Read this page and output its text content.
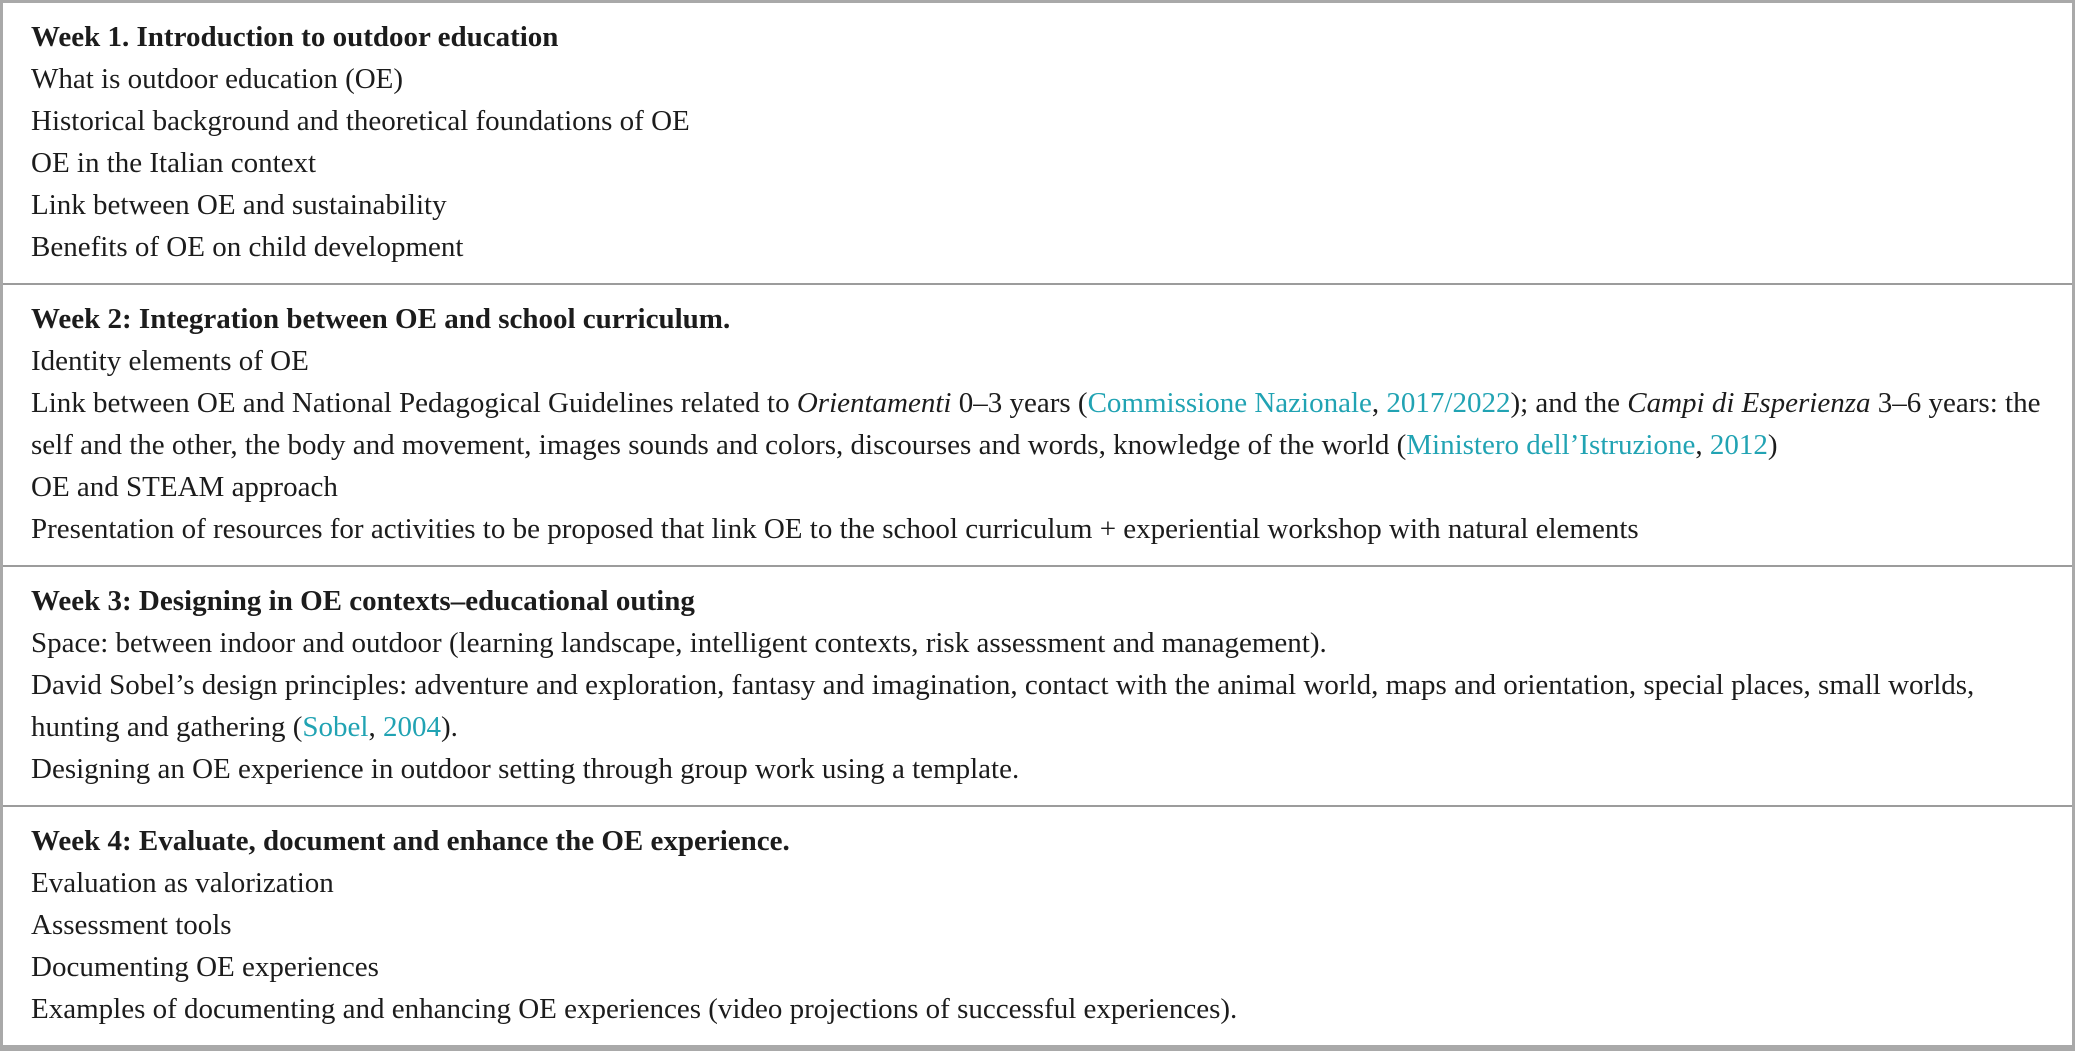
Week 1. Introduction to outdoor education
What is outdoor education (OE)
Historical background and theoretical foundations of OE
OE in the Italian context
Link between OE and sustainability
Benefits of OE on child development
Week 2: Integration between OE and school curriculum.
Identity elements of OE
Link between OE and National Pedagogical Guidelines related to Orientamenti 0–3 years (Commissione Nazionale, 2017/2022); and the Campi di Esperienza 3–6 years: the self and the other, the body and movement, images sounds and colors, discourses and words, knowledge of the world (Ministero dell’Istruzione, 2012)
OE and STEAM approach
Presentation of resources for activities to be proposed that link OE to the school curriculum + experiential workshop with natural elements
Week 3: Designing in OE contexts–educational outing
Space: between indoor and outdoor (learning landscape, intelligent contexts, risk assessment and management).
David Sobel’s design principles: adventure and exploration, fantasy and imagination, contact with the animal world, maps and orientation, special places, small worlds, hunting and gathering (Sobel, 2004).
Designing an OE experience in outdoor setting through group work using a template.
Week 4: Evaluate, document and enhance the OE experience.
Evaluation as valorization
Assessment tools
Documenting OE experiences
Examples of documenting and enhancing OE experiences (video projections of successful experiences).
